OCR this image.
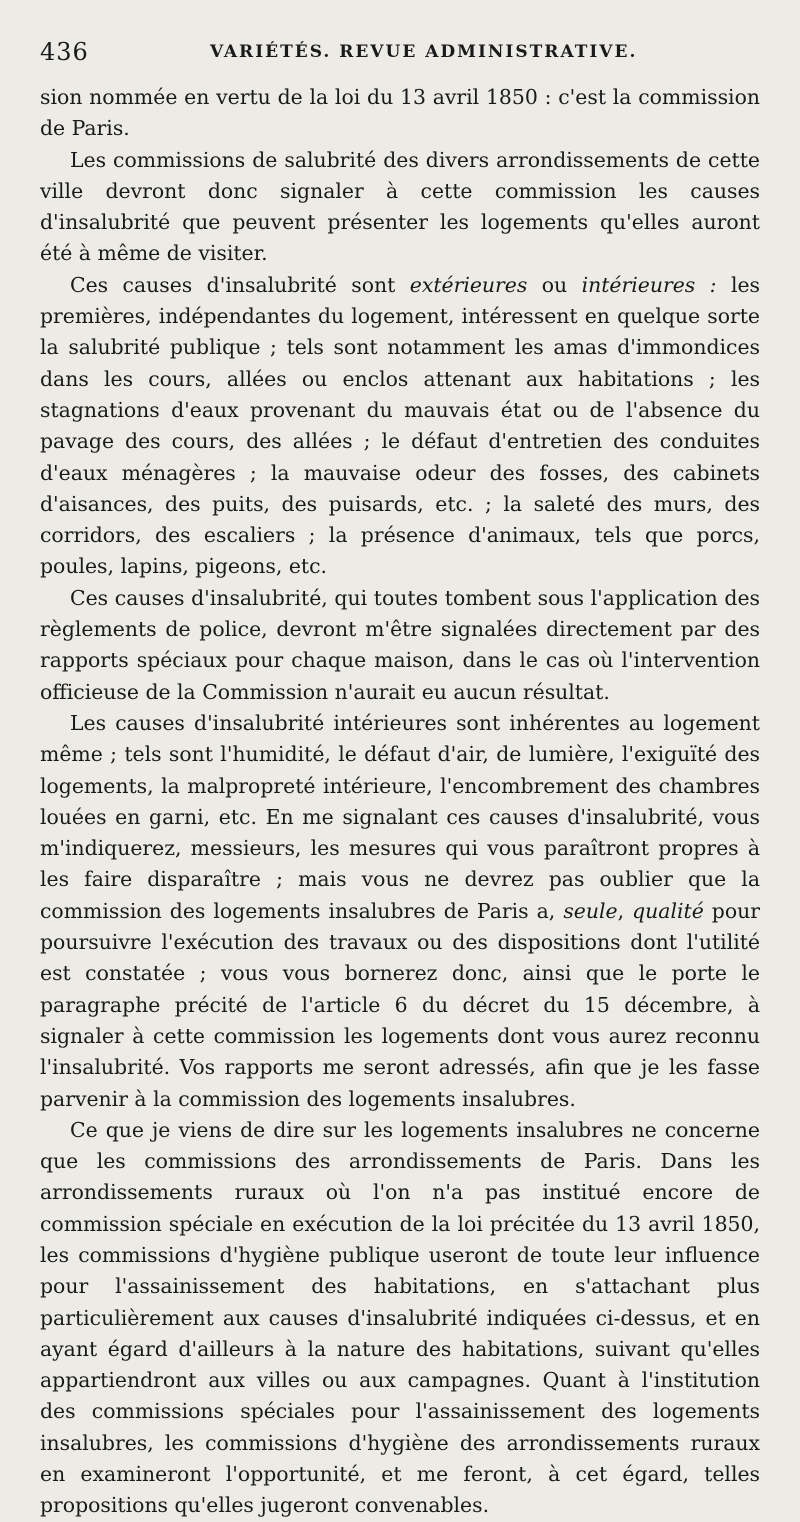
436	VARIÉTÉS. REVUE ADMINISTRATIVE.

sion nommée en vertu de la loi du 13 avril 1850 : c'est la commission de Paris.

Les commissions de salubrité des divers arrondissements de cette ville devront donc signaler à cette commission les causes d'insalubrité que peuvent présenter les logements qu'elles auront été à même de visiter.

Ces causes d'insalubrité sont extérieures ou intérieures : les premières, indépendantes du logement, intéressent en quelque sorte la salubrité publique ; tels sont notamment les amas d'immondices dans les cours, allées ou enclos attenant aux habitations ; les stagnations d'eaux provenant du mauvais état ou de l'absence du pavage des cours, des allées ; le défaut d'entretien des conduites d'eaux ménagères ; la mauvaise odeur des fosses, des cabinets d'aisances, des puits, des puisards, etc. ; la saleté des murs, des corridors, des escaliers ; la présence d'animaux, tels que porcs, poules, lapins, pigeons, etc.

Ces causes d'insalubrité, qui toutes tombent sous l'application des règlements de police, devront m'être signalées directement par des rapports spéciaux pour chaque maison, dans le cas où l'intervention officieuse de la Commission n'aurait eu aucun résultat.

Les causes d'insalubrité intérieures sont inhérentes au logement même ; tels sont l'humidité, le défaut d'air, de lumière, l'exiguïté des logements, la malpropreté intérieure, l'encombrement des chambres louées en garni, etc. En me signalant ces causes d'insalubrité, vous m'indiquerez, messieurs, les mesures qui vous paraîtront propres à les faire disparaître ; mais vous ne devrez pas oublier que la commission des logements insalubres de Paris a, seule, qualité pour poursuivre l'exécution des travaux ou des dispositions dont l'utilité est constatée ; vous vous bornerez donc, ainsi que le porte le paragraphe précité de l'article 6 du décret du 15 décembre, à signaler à cette commission les logements dont vous aurez reconnu l'insalubrité. Vos rapports me seront adressés, afin que je les fasse parvenir à la commission des logements insalubres.

Ce que je viens de dire sur les logements insalubres ne concerne que les commissions des arrondissements de Paris. Dans les arrondissements ruraux où l'on n'a pas institué encore de commission spéciale en exécution de la loi précitée du 13 avril 1850, les commissions d'hygiène publique useront de toute leur influence pour l'assainissement des habitations, en s'attachant plus particulièrement aux causes d'insalubrité indiquées ci-dessus, et en ayant égard d'ailleurs à la nature des habitations, suivant qu'elles appartiendront aux villes ou aux campagnes. Quant à l'institution des commissions spéciales pour l'assainissement des logements insalubres, les commissions d'hygiène des arrondissements ruraux en examineront l'opportunité, et me feront, à cet égard, telles propositions qu'elles jugeront convenables.
